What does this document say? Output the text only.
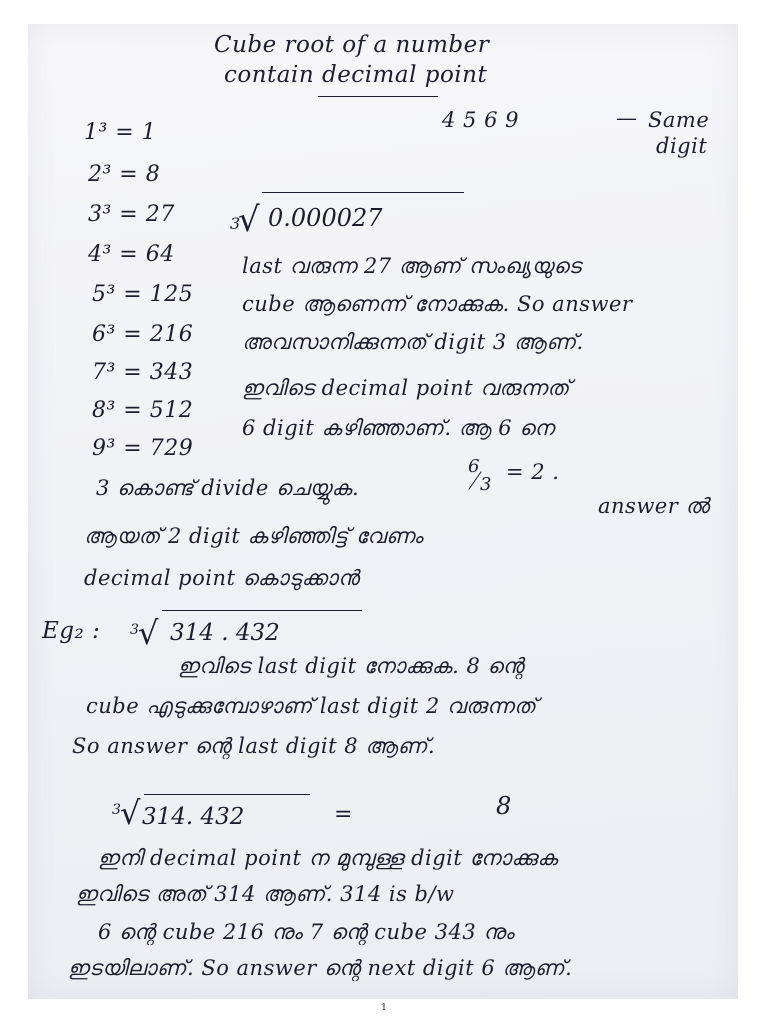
Cube root of a number
contain decimal point
4 5 6 9	— Same
digit
1³ = 1
2³ = 8
3³ = 27
4³ = 64
5³ = 125
6³ = 216
7³ = 343
8³ = 512
9³ = 729
3
√ 0.000027
last വരുന്ന 27 ആണ് സംഖ്യയുടെ
cube ആണെന്ന് നോക്കുക. So answer
അവസാനിക്കുന്നത് digit 3 ആണ്.
ഇവിടെ decimal point വരുന്നത്
6 digit കഴിഞ്ഞാണ്. ആ 6 നെ
3 കൊണ്ട് divide ചെയ്യുക.
6
3
= 2 .
answer ൽ
ആയത് 2 digit കഴിഞ്ഞിട്ട് വേണം
decimal point കൊടുക്കാൻ
Eg₂ : 3 √ 314 . 432
ഇവിടെ last digit നോക്കുക. 8 ന്റെ
cube എടുക്കുമ്പോഴാണ് last digit 2 വരുന്നത്
So answer ന്റെ last digit 8 ആണ്.
3 √ 314. 432	=	8
ഇനി decimal point ന മുമ്പുള്ള digit നോക്കുക
ഇവിടെ അത് 314 ആണ്. 314 is b/w
6 ന്റെ cube 216 നും 7 ന്റെ cube 343 നും
ഇടയിലാണ്. So answer ന്റെ next digit 6 ആണ്.
1
